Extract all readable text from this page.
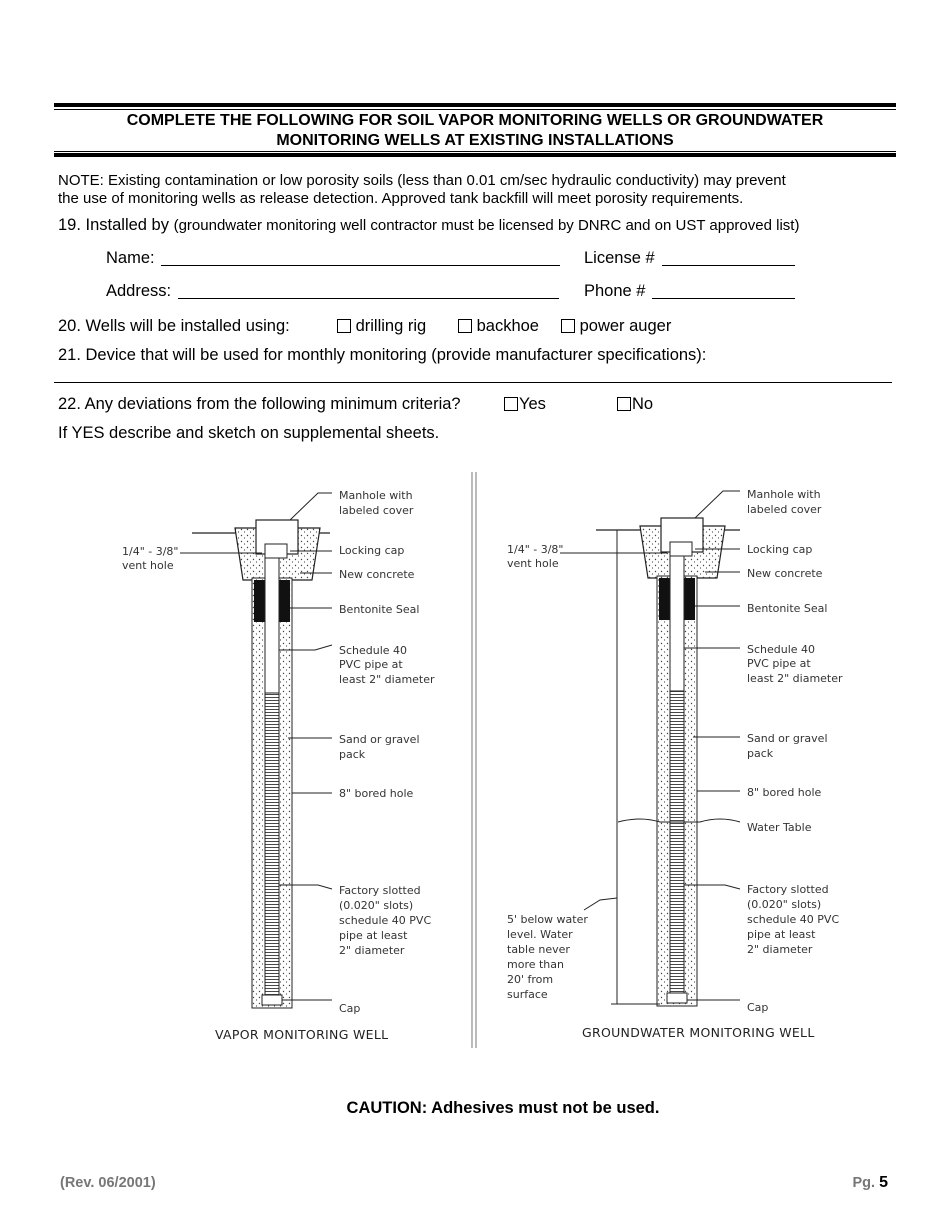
COMPLETE THE FOLLOWING FOR SOIL VAPOR MONITORING WELLS OR GROUNDWATER
MONITORING WELLS AT EXISTING INSTALLATIONS
NOTE: Existing contamination or low porosity soils (less than 0.01 cm/sec hydraulic conductivity) may prevent
the use of monitoring wells as release detection. Approved tank backfill will meet porosity requirements.
19. Installed by (groundwater monitoring well contractor must be licensed by DNRC and on UST approved list)
Name:	License #
Address:	Phone #
20. Wells will be installed using:	drilling rig	backhoe	power auger
21. Device that will be used for monthly monitoring (provide manufacturer specifications):
22. Any deviations from the following minimum criteria?	Yes	No
If YES describe and sketch on supplemental sheets.
Manhole with
labeled cover
1/4" - 3/8"
vent hole
Locking cap
New concrete
Bentonite Seal
Schedule 40
PVC pipe at
least 2" diameter
Sand or gravel
pack
8" bored hole
Factory slotted
(0.020" slots)
schedule 40 PVC
pipe at least
2" diameter
Cap
VAPOR MONITORING WELL
Manhole with
labeled cover
1/4" - 3/8"
vent hole
Locking cap
New concrete
Bentonite Seal
Schedule 40
PVC pipe at
least 2" diameter
Sand or gravel
pack
8" bored hole
Water Table
Factory slotted
(0.020" slots)
schedule 40 PVC
pipe at least
2" diameter
5' below water
level. Water
table never
more than
20' from
surface
Cap
GROUNDWATER MONITORING WELL
CAUTION: Adhesives must not be used.
(Rev. 06/2001)	Pg. 5
